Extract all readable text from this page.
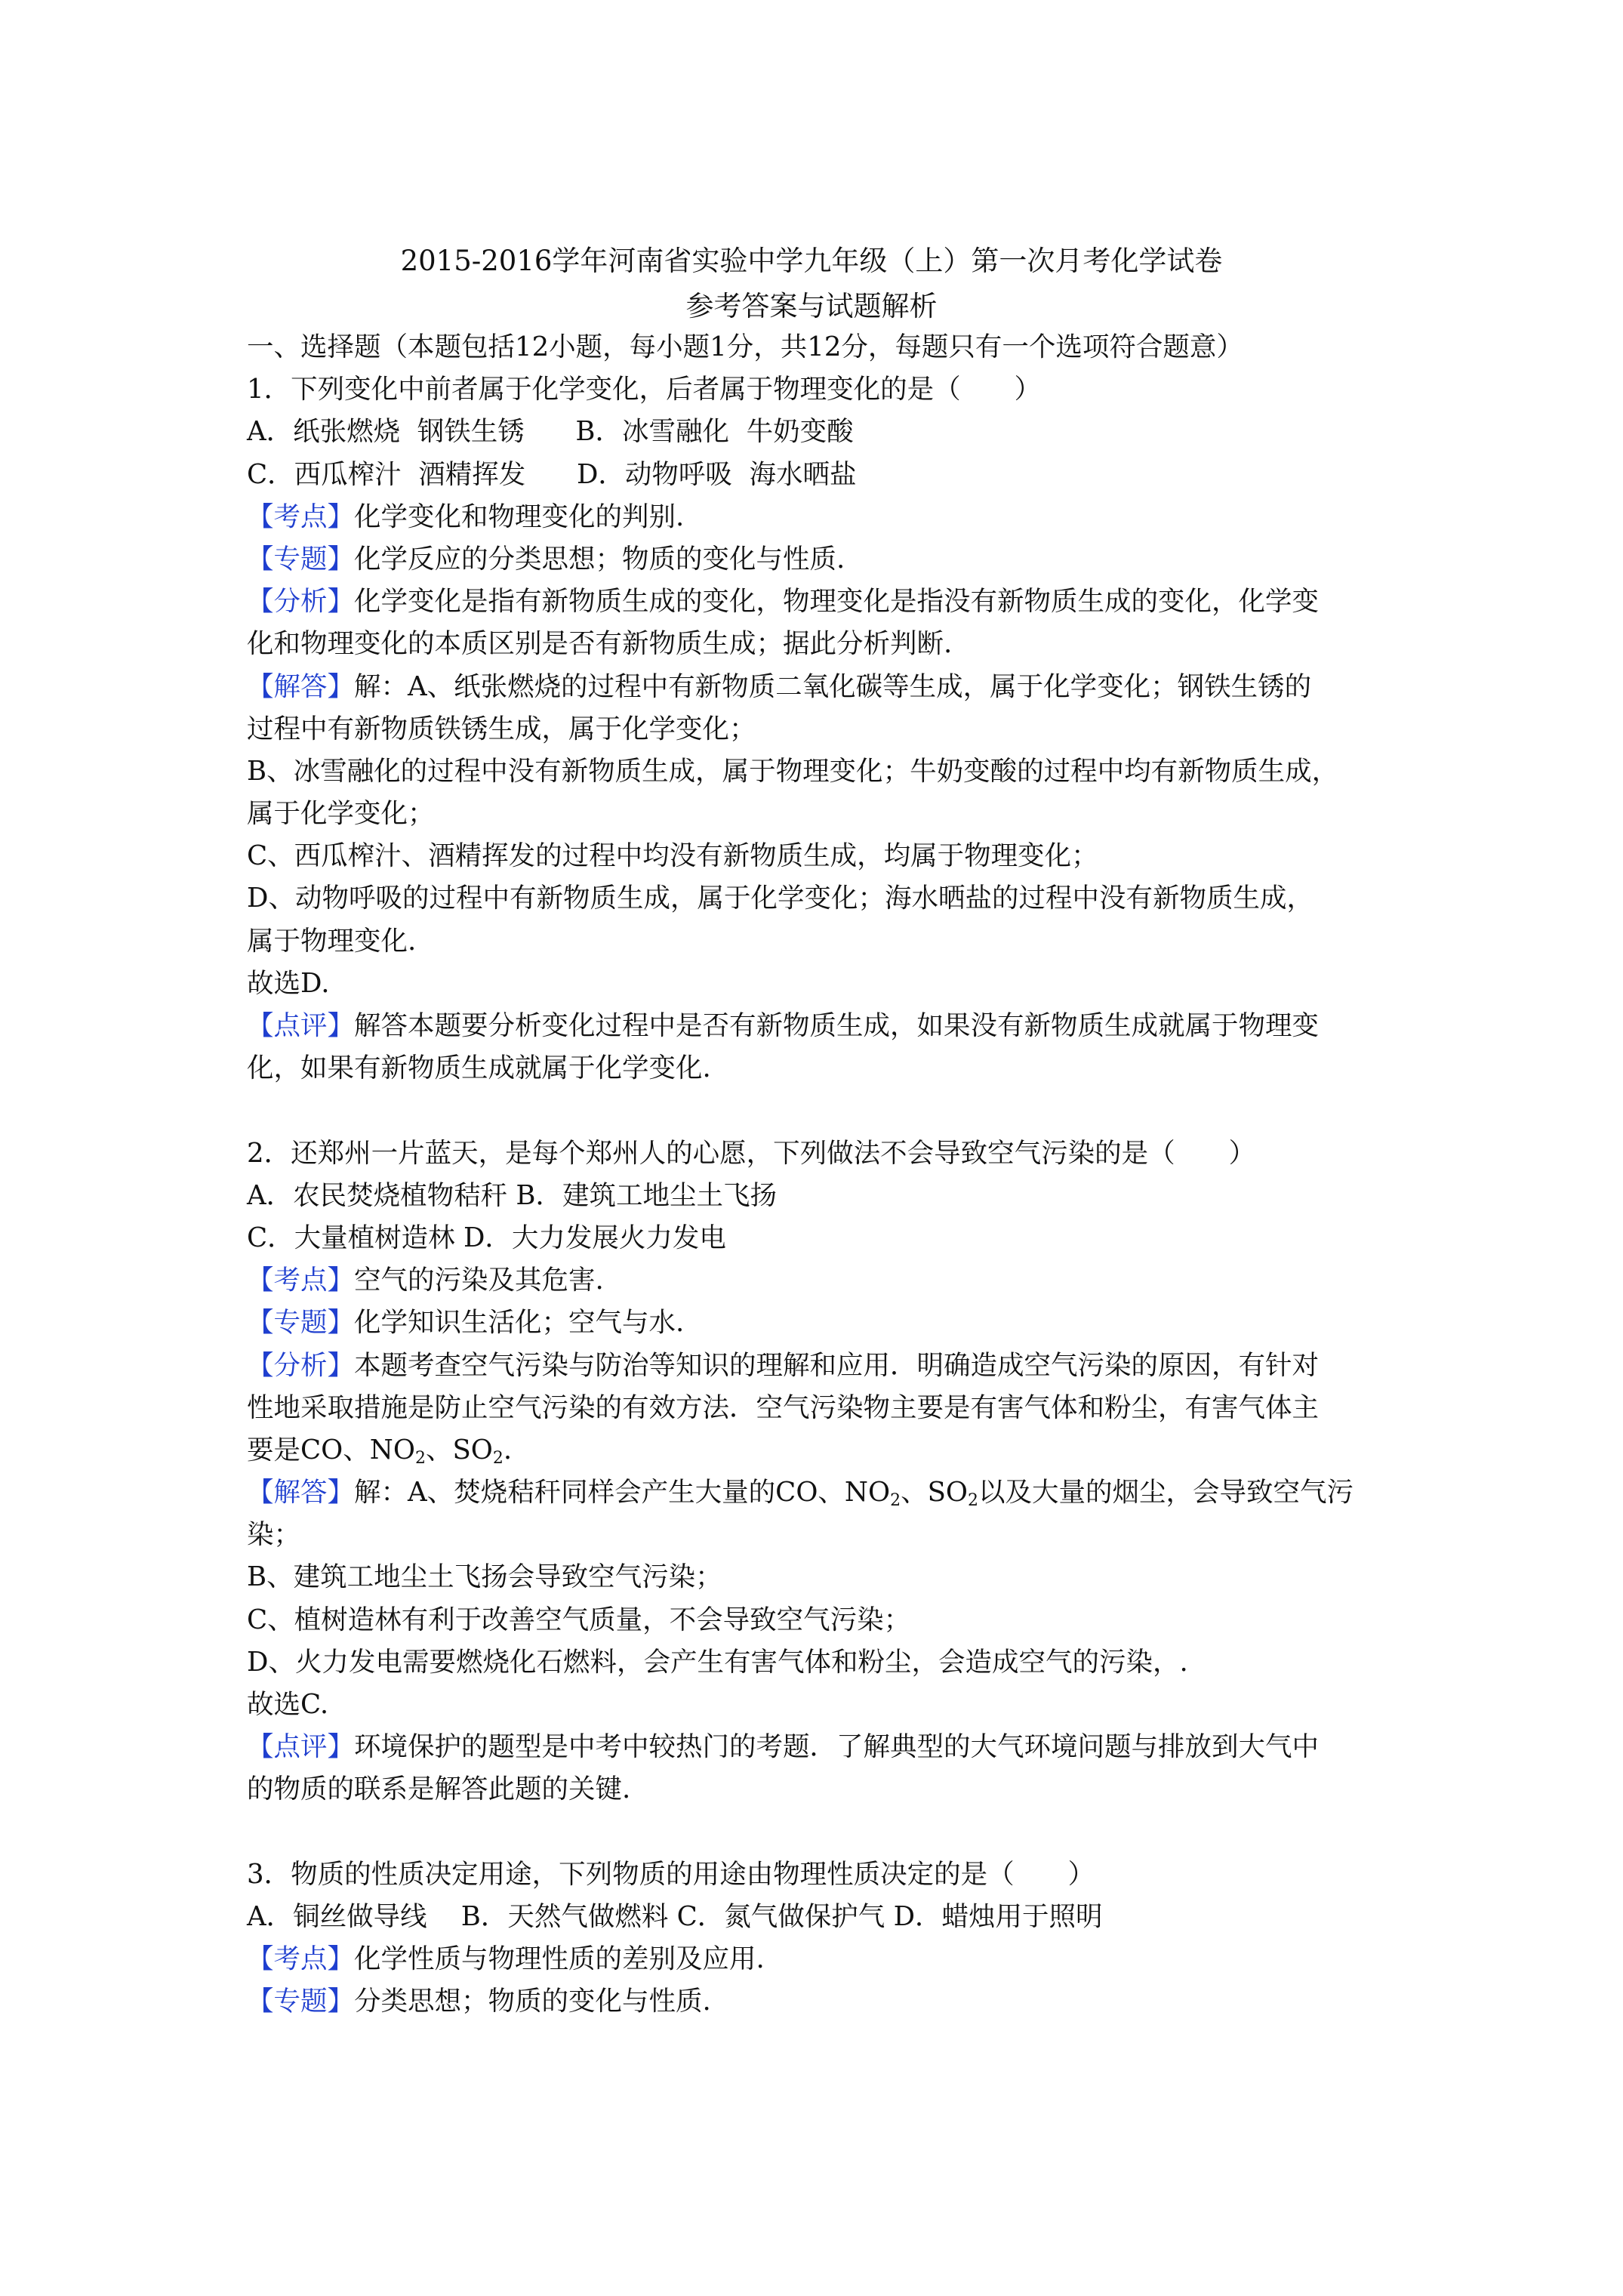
2015-2016学年河南省实验中学九年级（上）第一次月考化学试卷
参考答案与试题解析
一、选择题（本题包括12小题，每小题1分，共12分，每题只有一个选项符合题意）
1．下列变化中前者属于化学变化，后者属于物理变化的是（　　）
A．纸张燃烧  钢铁生锈      B．冰雪融化  牛奶变酸
C．西瓜榨汁  酒精挥发      D．动物呼吸  海水晒盐
【考点】化学变化和物理变化的判别.
【专题】化学反应的分类思想；物质的变化与性质.
【分析】化学变化是指有新物质生成的变化，物理变化是指没有新物质生成的变化，化学变
化和物理变化的本质区别是否有新物质生成；据此分析判断.
【解答】解：A、纸张燃烧的过程中有新物质二氧化碳等生成，属于化学变化；钢铁生锈的
过程中有新物质铁锈生成，属于化学变化；
B、冰雪融化的过程中没有新物质生成，属于物理变化；牛奶变酸的过程中均有新物质生成，
属于化学变化；
C、西瓜榨汁、酒精挥发的过程中均没有新物质生成，均属于物理变化；
D、动物呼吸的过程中有新物质生成，属于化学变化；海水晒盐的过程中没有新物质生成，
属于物理变化.
故选D.
【点评】解答本题要分析变化过程中是否有新物质生成，如果没有新物质生成就属于物理变
化，如果有新物质生成就属于化学变化.
2．还郑州一片蓝天，是每个郑州人的心愿，下列做法不会导致空气污染的是（　　）
A．农民焚烧植物秸秆 B．建筑工地尘土飞扬
C．大量植树造林 D．大力发展火力发电
【考点】空气的污染及其危害.
【专题】化学知识生活化；空气与水.
【分析】本题考查空气污染与防治等知识的理解和应用．明确造成空气污染的原因，有针对
性地采取措施是防止空气污染的有效方法．空气污染物主要是有害气体和粉尘，有害气体主
要是CO、$NO_2$、$SO_2$.
【解答】解：A、焚烧秸秆同样会产生大量的CO、$NO_2$、$SO_2$以及大量的烟尘，会导致空气污
染；
B、建筑工地尘土飞扬会导致空气污染；
C、植树造林有利于改善空气质量，不会导致空气污染；
D、火力发电需要燃烧化石燃料，会产生有害气体和粉尘，会造成空气的污染，.
故选C.
【点评】环境保护的题型是中考中较热门的考题．了解典型的大气环境问题与排放到大气中
的物质的联系是解答此题的关键.
3．物质的性质决定用途，下列物质的用途由物理性质决定的是（　　）
A．铜丝做导线    B．天然气做燃料 C．氮气做保护气 D．蜡烛用于照明
【考点】化学性质与物理性质的差别及应用.
【专题】分类思想；物质的变化与性质.
